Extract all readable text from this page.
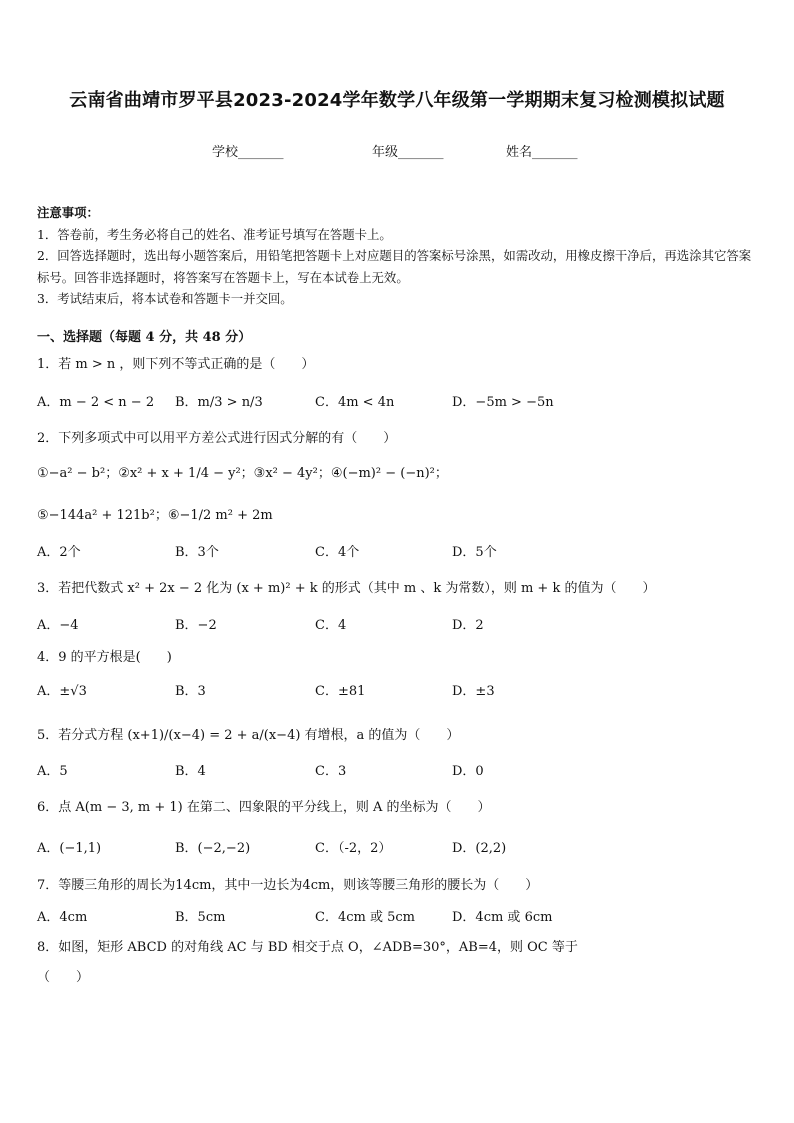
云南省曲靖市罗平县2023-2024学年数学八年级第一学期期末复习检测模拟试题
学校_______	年级_______	姓名_______
注意事项：
1．答卷前，考生务必将自己的姓名、准考证号填写在答题卡上。
2．回答选择题时，选出每小题答案后，用铅笔把答题卡上对应题目的答案标号涂黑，如需改动，用橡皮擦干净后，再选涂其它答案标号。回答非选择题时，将答案写在答题卡上，写在本试卷上无效。
3．考试结束后，将本试卷和答题卡一并交回。
一、选择题（每题 4 分，共 48 分）
1．若 m > n ，则下列不等式正确的是（　　）
A．m − 2 < n − 2 B．m/3 > n/3	C．4m < 4n	D．−5m > −5n
2．下列多项式中可以用平方差公式进行因式分解的有（　　）
①−a² − b²；②x² + x + 1/4 − y²；③x² − 4y²；④(−m)² − (−n)²；
⑤−144a² + 121b²；⑥−1/2 m² + 2m
A．2个	B．3个	C．4个	D．5个
3．若把代数式 x² + 2x − 2 化为 (x + m)² + k 的形式（其中 m 、k 为常数），则 m + k 的值为（　　）
A．−4	B．−2	C．4	D．2
4．9 的平方根是(　　)
A．±√3	B．3	C．±81	D．±3
5．若分式方程 (x+1)/(x−4) = 2 + a/(x−4) 有增根，a 的值为（　　）
A．5	B．4	C．3	D．0
6．点 A(m − 3, m + 1) 在第二、四象限的平分线上，则 A 的坐标为（　　）
A．(−1,1)	B．(−2,−2)	C．（-2，2）	D．(2,2)
7．等腰三角形的周长为14cm，其中一边长为4cm，则该等腰三角形的腰长为（　　）
A．4cm	B．5cm	C．4cm 或 5cm	D．4cm 或 6cm
8．如图，矩形 ABCD 的对角线 AC 与 BD 相交于点 O，∠ADB=30°，AB=4，则 OC 等于
（　　）
